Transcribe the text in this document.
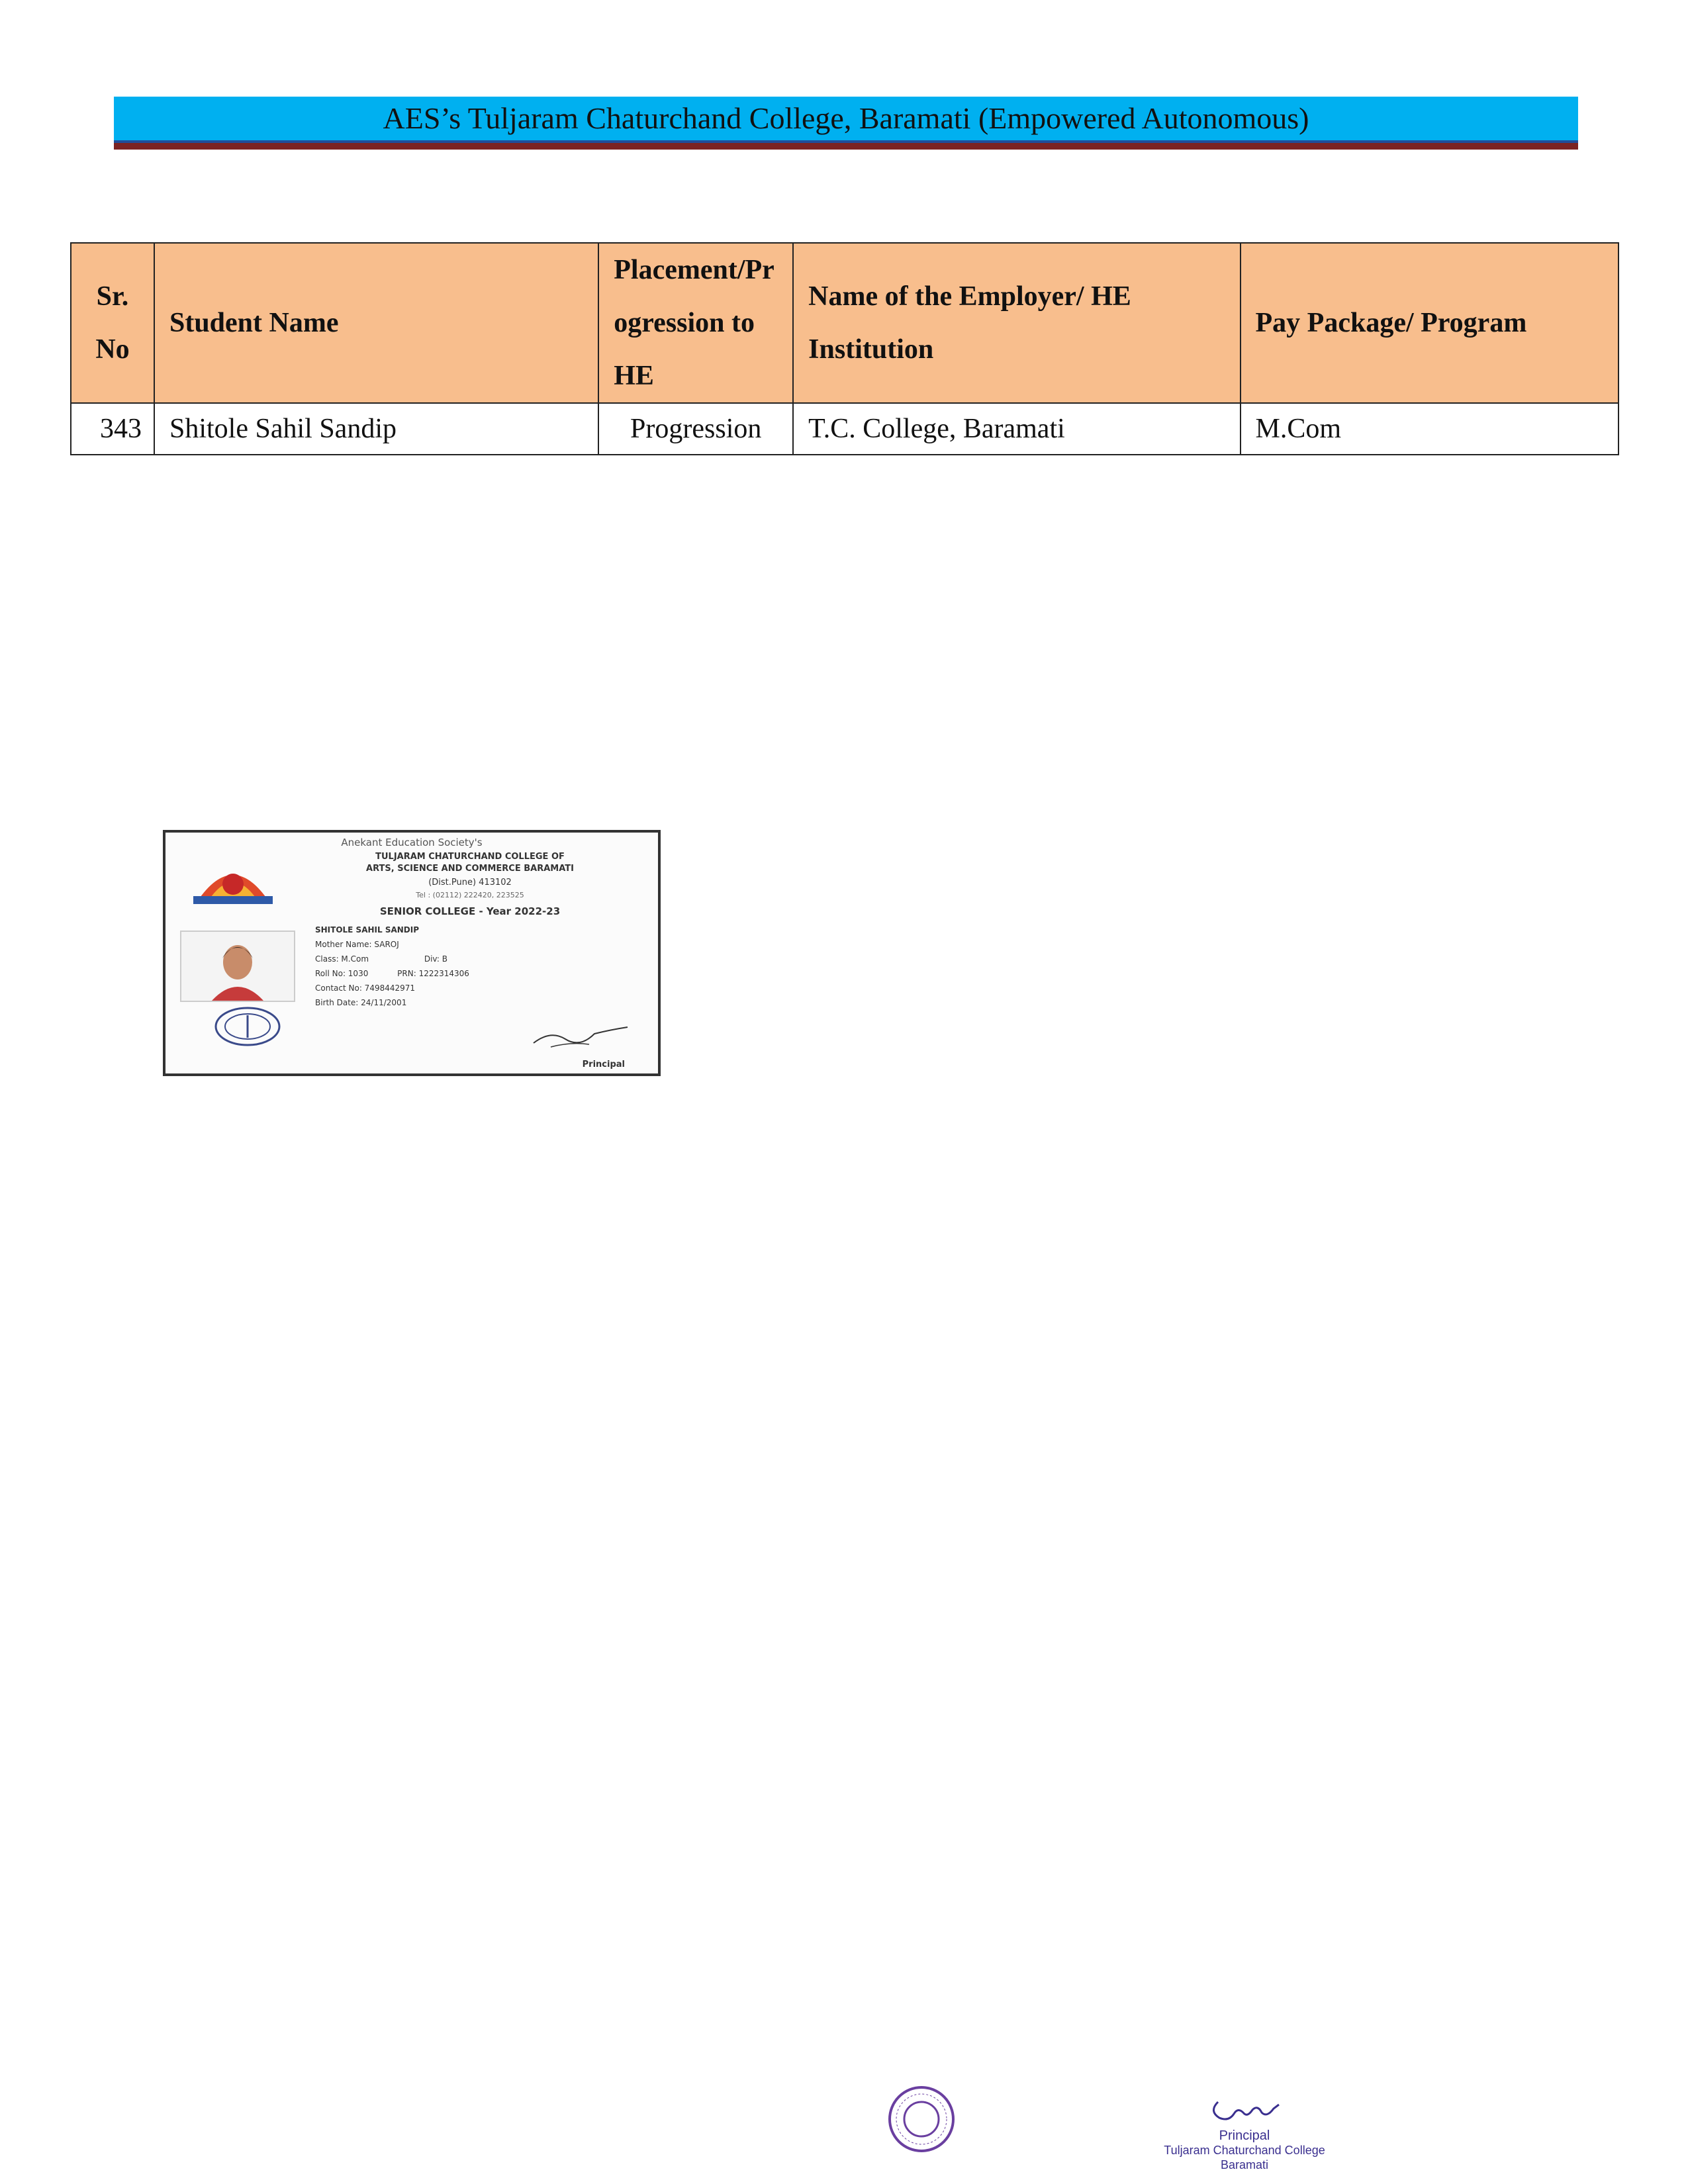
AES’s Tuljaram Chaturchand College, Baramati (Empowered Autonomous)
Sr. No	Student Name	Placement/Progression to HE	Name of the Employer/ HE Institution	Pay Package/ Program
343	Shitole Sahil Sandip	Progression	T.C. College, Baramati	M.Com
Anekant Education Society's
TULJARAM CHATURCHAND COLLEGE OF
ARTS, SCIENCE AND COMMERCE BARAMATI
(Dist.Pune) 413102
Tel : (02112) 222420, 223525
SENIOR COLLEGE - Year 2022-23
SHITOLE SAHIL SANDIP
Mother Name: SAROJ
Class: M.Com	Div: B
Roll No: 1030	PRN: 1222314306
Contact No: 7498442971
Birth Date: 24/11/2001
Principal
Principal
Tuljaram Chaturchand College
Baramati
